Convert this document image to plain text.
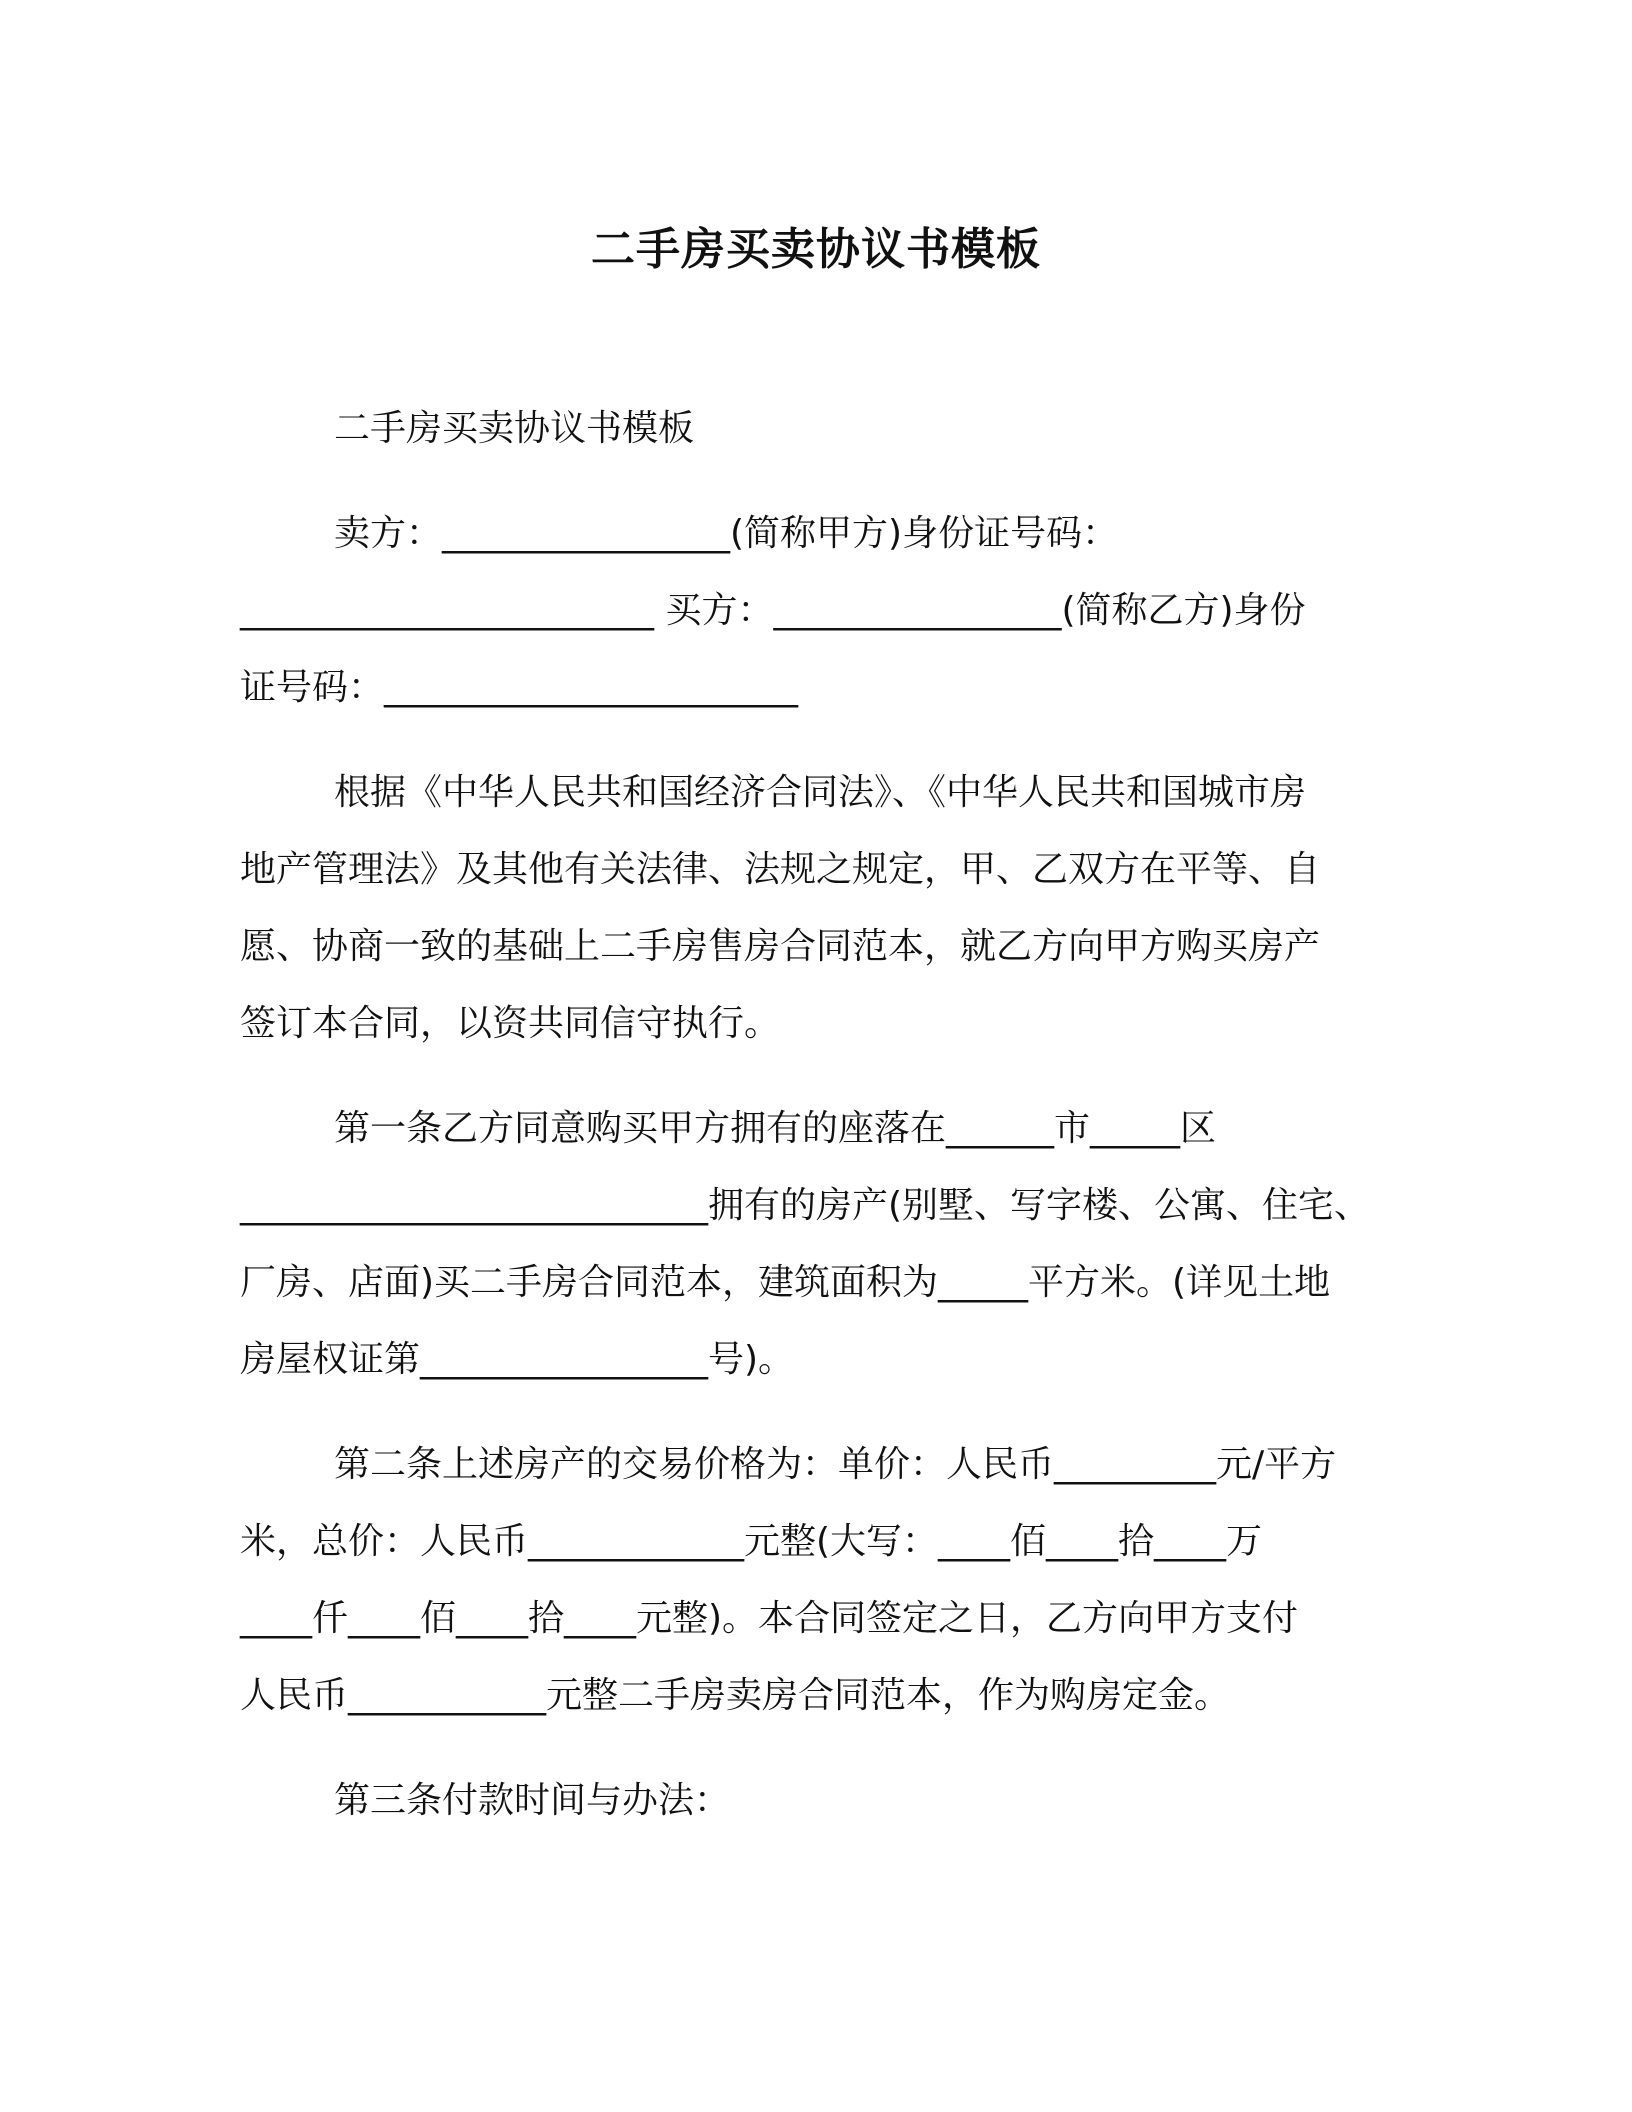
二手房买卖协议书模板

二手房买卖协议书模板

卖方：________________(简称甲方)身份证号码：
_______________________ 买方：________________(简称乙方)身份
证号码：_______________________

根据《中华人民共和国经济合同法》、《中华人民共和国城市房
地产管理法》及其他有关法律、法规之规定，甲、乙双方在平等、自
愿、协商一致的基础上二手房售房合同范本，就乙方向甲方购买房产
签订本合同，以资共同信守执行。

第一条乙方同意购买甲方拥有的座落在______市_____区
__________________________拥有的房产(别墅、写字楼、公寓、住宅、
厂房、店面)买二手房合同范本，建筑面积为_____平方米。(详见土地
房屋权证第________________号)。

第二条上述房产的交易价格为：单价：人民币_________元/平方
米，总价：人民币____________元整(大写：____佰____拾____万
____仟____佰____拾____元整)。本合同签定之日，乙方向甲方支付
人民币___________元整二手房卖房合同范本，作为购房定金。

第三条付款时间与办法：
